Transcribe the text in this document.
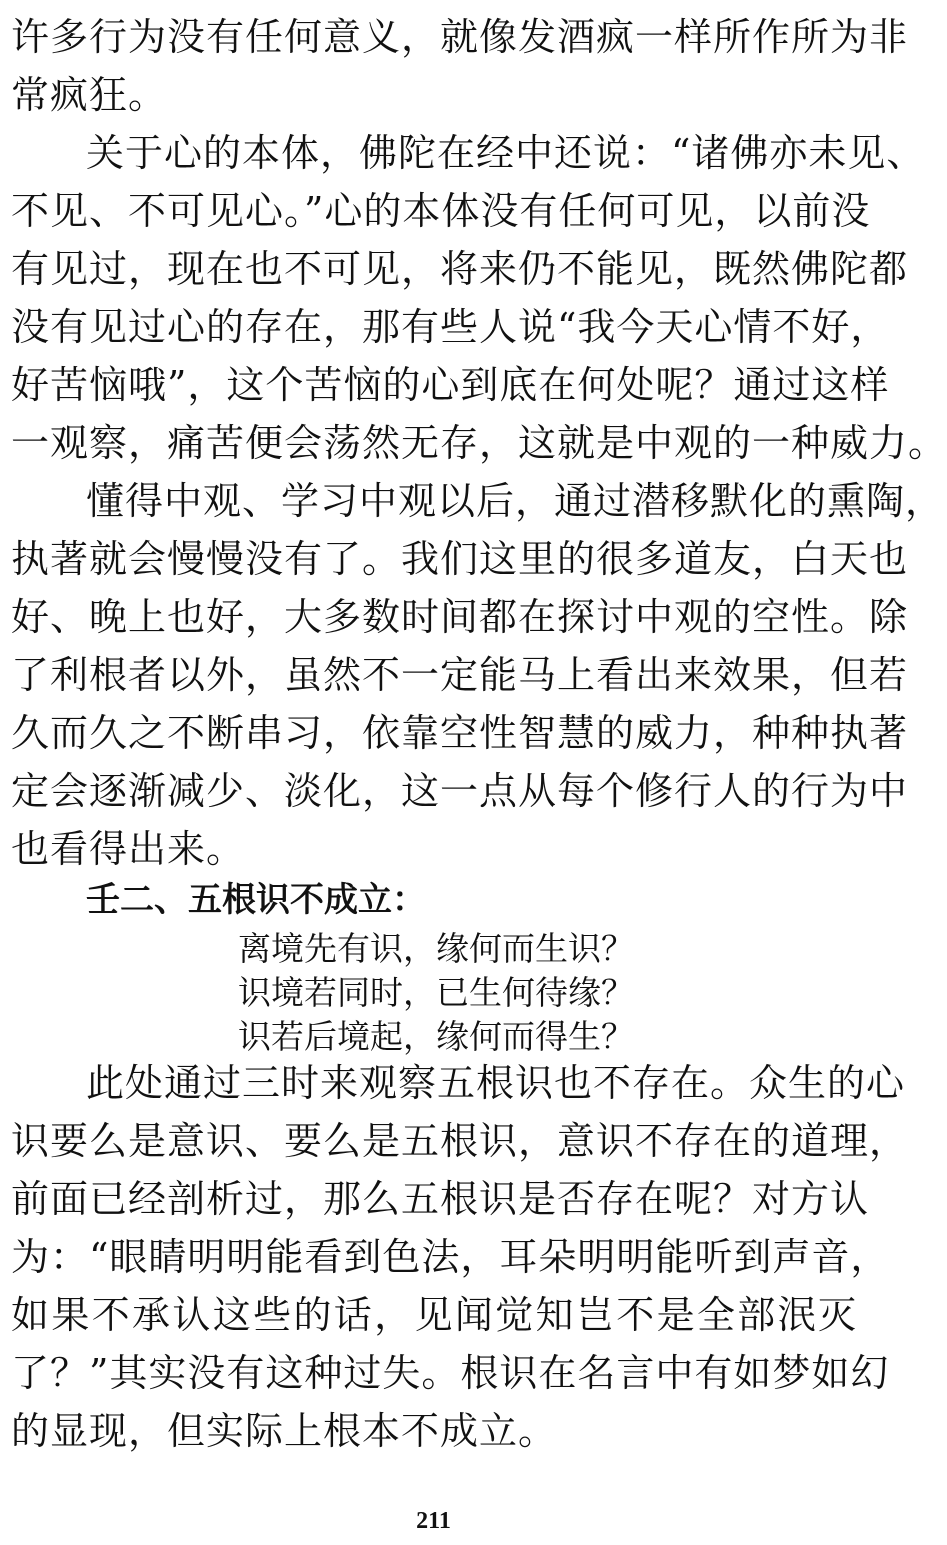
许多行为没有任何意义，就像发酒疯一样所作所为非
常疯狂。
关于心的本体，佛陀在经中还说：“诸佛亦未见、
不见、不可见心。”心的本体没有任何可见，以前没
有见过，现在也不可见，将来仍不能见，既然佛陀都
没有见过心的存在，那有些人说“我今天心情不好，
好苦恼哦”，这个苦恼的心到底在何处呢？通过这样
一观察，痛苦便会荡然无存，这就是中观的一种威力。
懂得中观、学习中观以后，通过潜移默化的熏陶，
执著就会慢慢没有了。我们这里的很多道友，白天也
好、晚上也好，大多数时间都在探讨中观的空性。除
了利根者以外，虽然不一定能马上看出来效果，但若
久而久之不断串习，依靠空性智慧的威力，种种执著
定会逐渐减少、淡化，这一点从每个修行人的行为中
也看得出来。
壬二、五根识不成立：
离境先有识，缘何而生识？
识境若同时，已生何待缘？
识若后境起，缘何而得生？
此处通过三时来观察五根识也不存在。众生的心
识要么是意识、要么是五根识，意识不存在的道理，
前面已经剖析过，那么五根识是否存在呢？对方认
为：“眼睛明明能看到色法，耳朵明明能听到声音，
如果不承认这些的话，见闻觉知岂不是全部泯灭
了？”其实没有这种过失。根识在名言中有如梦如幻
的显现，但实际上根本不成立。
211
